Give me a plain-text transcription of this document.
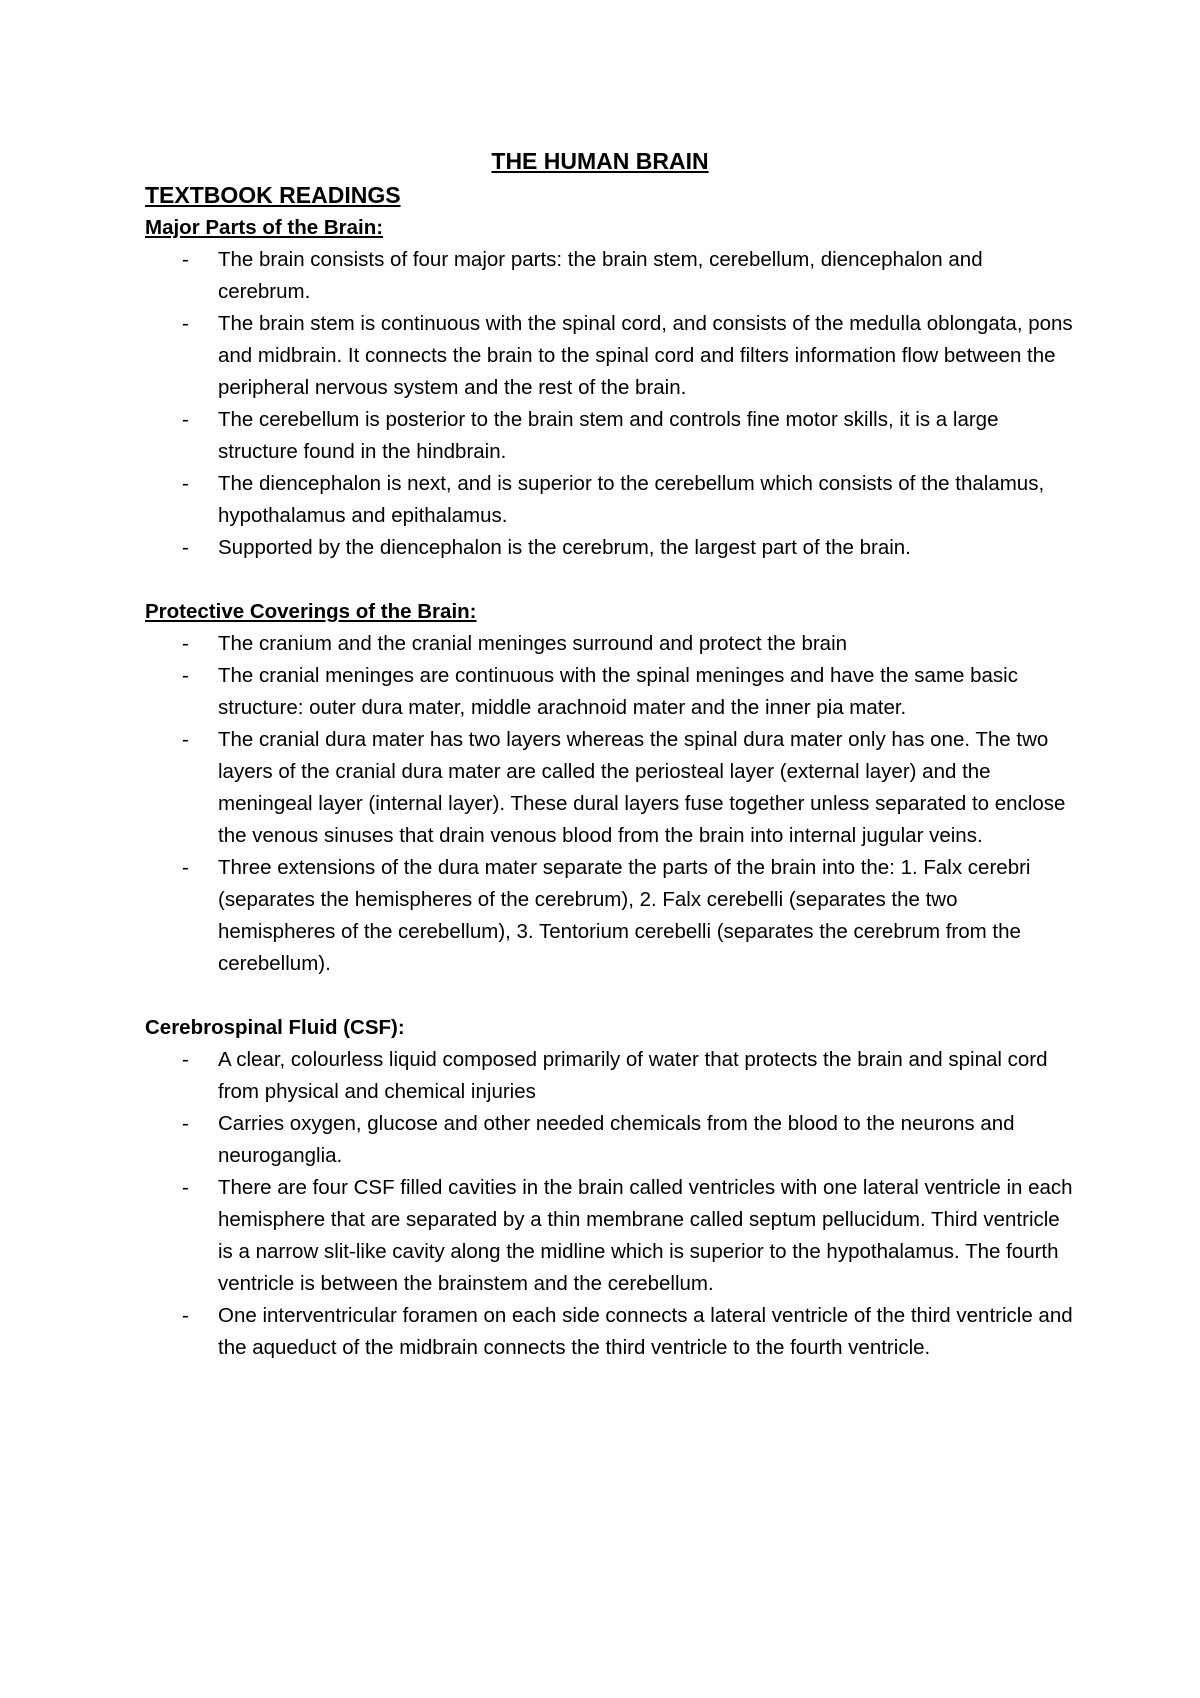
THE HUMAN BRAIN
TEXTBOOK READINGS
Major Parts of the Brain:
- The brain consists of four major parts: the brain stem, cerebellum, diencephalon and cerebrum.
- The brain stem is continuous with the spinal cord, and consists of the medulla oblongata, pons and midbrain. It connects the brain to the spinal cord and filters information flow between the peripheral nervous system and the rest of the brain.
- The cerebellum is posterior to the brain stem and controls fine motor skills, it is a large structure found in the hindbrain.
- The diencephalon is next, and is superior to the cerebellum which consists of the thalamus, hypothalamus and epithalamus.
- Supported by the diencephalon is the cerebrum, the largest part of the brain.
Protective Coverings of the Brain:
- The cranium and the cranial meninges surround and protect the brain
- The cranial meninges are continuous with the spinal meninges and have the same basic structure: outer dura mater, middle arachnoid mater and the inner pia mater.
- The cranial dura mater has two layers whereas the spinal dura mater only has one. The two layers of the cranial dura mater are called the periosteal layer (external layer) and the meningeal layer (internal layer). These dural layers fuse together unless separated to enclose the venous sinuses that drain venous blood from the brain into internal jugular veins.
- Three extensions of the dura mater separate the parts of the brain into the: 1. Falx cerebri (separates the hemispheres of the cerebrum), 2. Falx cerebelli (separates the two hemispheres of the cerebellum), 3. Tentorium cerebelli (separates the cerebrum from the cerebellum).
Cerebrospinal Fluid (CSF):
- A clear, colourless liquid composed primarily of water that protects the brain and spinal cord from physical and chemical injuries
- Carries oxygen, glucose and other needed chemicals from the blood to the neurons and neuroganglia.
- There are four CSF filled cavities in the brain called ventricles with one lateral ventricle in each hemisphere that are separated by a thin membrane called septum pellucidum. Third ventricle is a narrow slit-like cavity along the midline which is superior to the hypothalamus. The fourth ventricle is between the brainstem and the cerebellum.
- One interventricular foramen on each side connects a lateral ventricle of the third ventricle and the aqueduct of the midbrain connects the third ventricle to the fourth ventricle.
